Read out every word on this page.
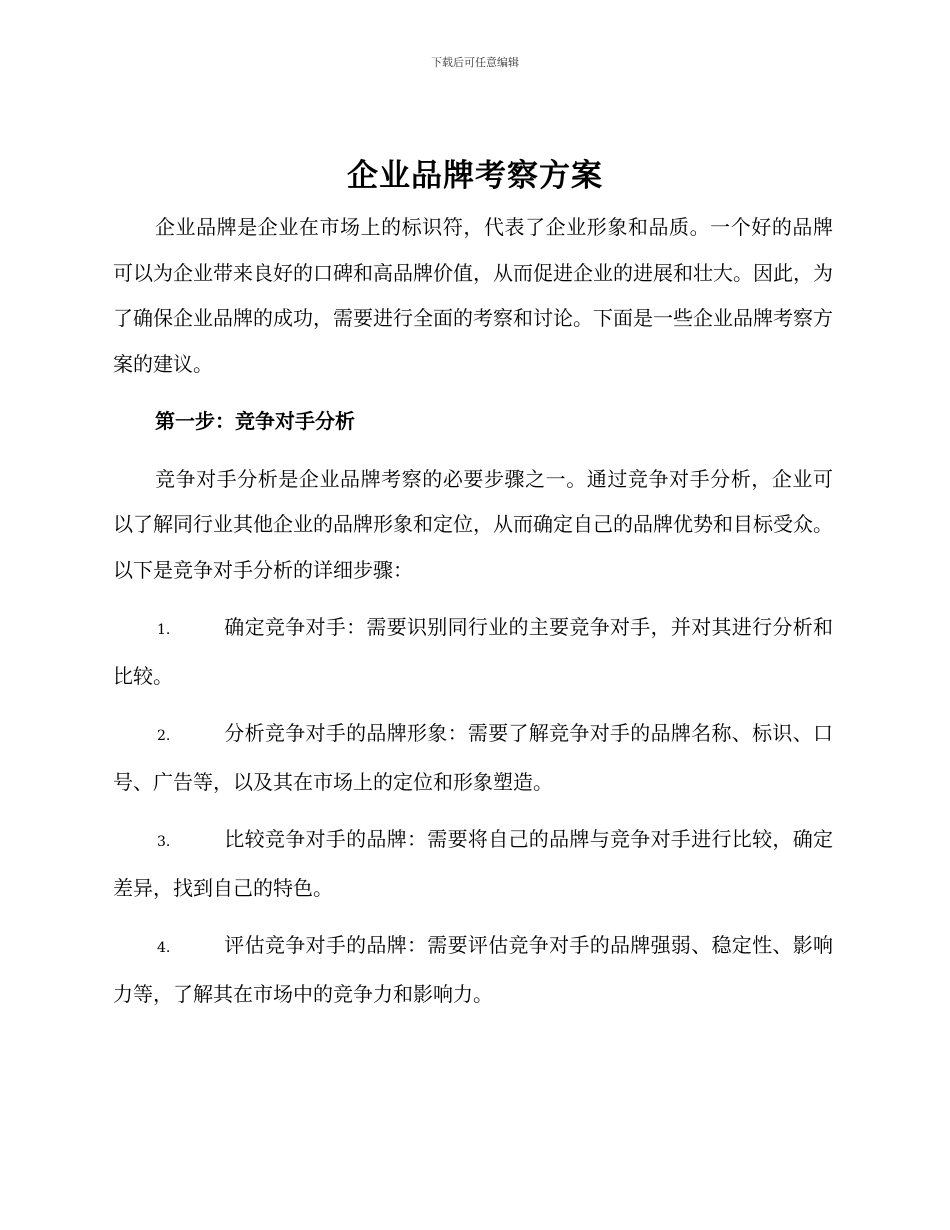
下载后可任意编辑
企业品牌考察方案

企业品牌是企业在市场上的标识符，代表了企业形象和品质。一个好的品牌可以为企业带来良好的口碑和高品牌价值，从而促进企业的进展和壮大。因此，为了确保企业品牌的成功，需要进行全面的考察和讨论。下面是一些企业品牌考察方案的建议。

第一步：竞争对手分析

竞争对手分析是企业品牌考察的必要步骤之一。通过竞争对手分析，企业可以了解同行业其他企业的品牌形象和定位，从而确定自己的品牌优势和目标受众。以下是竞争对手分析的详细步骤：

1.	确定竞争对手：需要识别同行业的主要竞争对手，并对其进行分析和比较。

2.	分析竞争对手的品牌形象：需要了解竞争对手的品牌名称、标识、口号、广告等，以及其在市场上的定位和形象塑造。

3.	比较竞争对手的品牌：需要将自己的品牌与竞争对手进行比较，确定差异，找到自己的特色。

4.	评估竞争对手的品牌：需要评估竞争对手的品牌强弱、稳定性、影响力等，了解其在市场中的竞争力和影响力。
